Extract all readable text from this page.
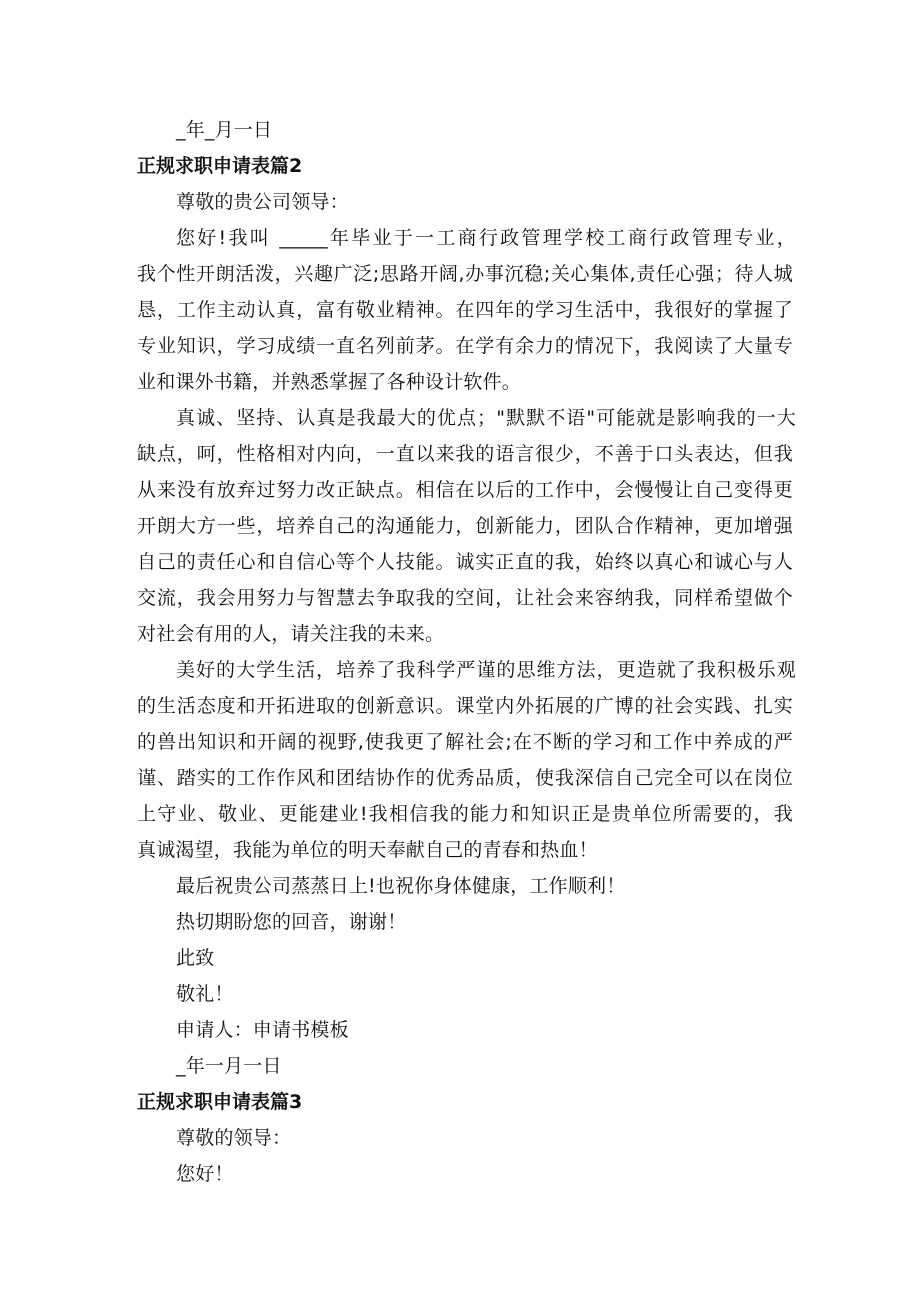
_年_月一日
正规求职申请表篇2
尊敬的贵公司领导：
您好!我叫 _____年毕业于一工商行政管理学校工商行政管理专业，
我个性开朗活泼，兴趣广泛;思路开阔,办事沉稳;关心集体,责任心强；待人城
恳，工作主动认真，富有敬业精神。在四年的学习生活中，我很好的掌握了
专业知识，学习成绩一直名列前茅。在学有余力的情况下，我阅读了大量专
业和课外书籍，并熟悉掌握了各种设计软件。
真诚、坚持、认真是我最大的优点；"默默不语"可能就是影响我的一大
缺点，呵，性格相对内向，一直以来我的语言很少，不善于口头表达，但我
从来没有放弃过努力改正缺点。相信在以后的工作中，会慢慢让自己变得更
开朗大方一些，培养自己的沟通能力，创新能力，团队合作精神，更加增强
自己的责任心和自信心等个人技能。诚实正直的我，始终以真心和诚心与人
交流，我会用努力与智慧去争取我的空间，让社会来容纳我，同样希望做个
对社会有用的人，请关注我的未来。
美好的大学生活，培养了我科学严谨的思维方法，更造就了我积极乐观
的生活态度和开拓进取的创新意识。课堂内外拓展的广博的社会实践、扎实
的兽出知识和开阔的视野,使我更了解社会;在不断的学习和工作中养成的严
谨、踏实的工作作风和团结协作的优秀品质，使我深信自己完全可以在岗位
上守业、敬业、更能建业!我相信我的能力和知识正是贵单位所需要的，我
真诚渴望，我能为单位的明天奉献自己的青春和热血！
最后祝贵公司蒸蒸日上!也祝你身体健康，工作顺利！
热切期盼您的回音，谢谢！
此致
敬礼！
申请人：申请书模板
_年一月一日
正规求职申请表篇3
尊敬的领导：
您好！
